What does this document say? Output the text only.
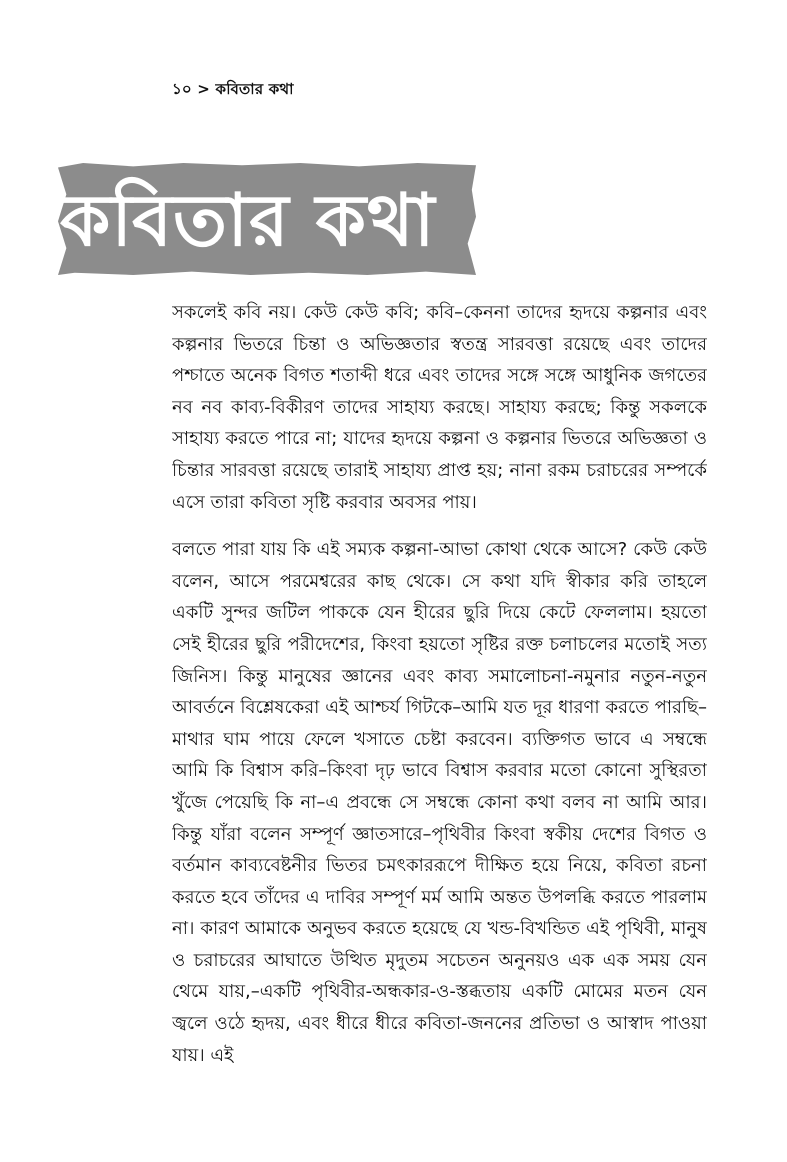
১০ > কবিতার কথা
কবিতার কথা

সকলেই কবি নয়। কেউ কেউ কবি; কবি–কেননা তাদের হৃদয়ে কল্পনার এবং কল্পনার ভিতরে চিন্তা ও অভিজ্ঞতার স্বতন্ত্র সারবত্তা রয়েছে এবং তাদের পশ্চাতে অনেক বিগত শতাব্দী ধরে এবং তাদের সঙ্গে সঙ্গে আধুনিক জগতের নব নব কাব্য-বিকীরণ তাদের সাহায্য করছে। সাহায্য করছে; কিন্তু সকলকে সাহায্য করতে পারে না; যাদের হৃদয়ে কল্পনা ও কল্পনার ভিতরে অভিজ্ঞতা ও চিন্তার সারবত্তা রয়েছে তারাই সাহায্য প্রাপ্ত হয়; নানা রকম চরাচরের সম্পর্কে এসে তারা কবিতা সৃষ্টি করবার অবসর পায়।

বলতে পারা যায় কি এই সম্যক কল্পনা-আভা কোথা থেকে আসে? কেউ কেউ বলেন, আসে পরমেশ্বরের কাছ থেকে। সে কথা যদি স্বীকার করি তাহলে একটি সুন্দর জটিল পাককে যেন হীরের ছুরি দিয়ে কেটে ফেললাম। হয়তো সেই হীরের ছুরি পরীদেশের, কিংবা হয়তো সৃষ্টির রক্ত চলাচলের মতোই সত্য জিনিস। কিন্তু মানুষের জ্ঞানের এবং কাব্য সমালোচনা-নমুনার নতুন-নতুন আবর্তনে বিশ্লেষকেরা এই আশ্চর্য গিটকে–আমি যত দূর ধারণা করতে পারছি–মাথার ঘাম পায়ে ফেলে খসাতে চেষ্টা করবেন। ব্যক্তিগত ভাবে এ সম্বন্ধে আমি কি বিশ্বাস করি–কিংবা দৃঢ় ভাবে বিশ্বাস করবার মতো কোনো সুস্থিরতা খুঁজে পেয়েছি কি না–এ প্রবন্ধে সে সম্বন্ধে কোনা কথা বলব না আমি আর। কিন্তু যাঁরা বলেন সম্পূর্ণ জ্ঞাতসারে–পৃথিবীর কিংবা স্বকীয় দেশের বিগত ও বর্তমান কাব্যবেষ্টনীর ভিতর চমৎকাররূপে দীক্ষিত হয়ে নিয়ে, কবিতা রচনা করতে হবে তাঁদের এ দাবির সম্পূর্ণ মর্ম আমি অন্তত উপলব্ধি করতে পারলাম না। কারণ আমাকে অনুভব করতে হয়েছে যে খন্ড-বিখন্ডিত এই পৃথিবী, মানুষ ও চরাচরের আঘাতে উত্থিত মৃদুতম সচেতন অনুনয়ও এক এক সময় যেন থেমে যায়,–একটি পৃথিবীর-অন্ধকার-ও-স্তব্ধতায় একটি মোমের মতন যেন জ্বলে ওঠে হৃদয়, এবং ধীরে ধীরে কবিতা-জননের প্রতিভা ও আস্বাদ পাওয়া যায়। এই
